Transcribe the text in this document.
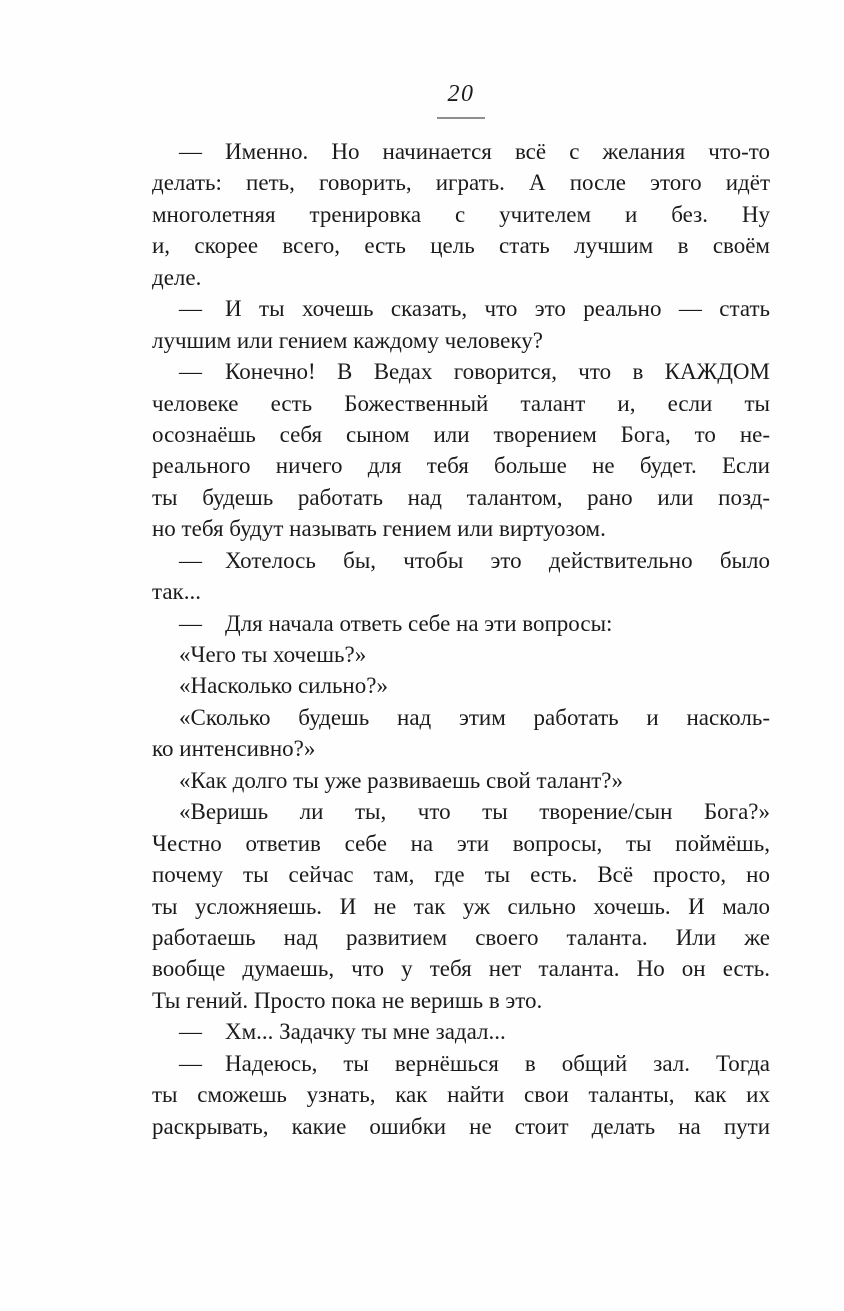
20
— Именно. Но начинается всё с желания что-то
делать: петь, говорить, играть. А после этого идёт
многолетняя тренировка с учителем и без. Ну
и, скорее всего, есть цель стать лучшим в своём
деле.
— И ты хочешь сказать, что это реально — стать
лучшим или гением каждому человеку?
— Конечно! В Ведах говорится, что в КАЖДОМ
человеке есть Божественный талант и, если ты
осознаёшь себя сыном или творением Бога, то не-
реального ничего для тебя больше не будет. Если
ты будешь работать над талантом, рано или позд-
но тебя будут называть гением или виртуозом.
— Хотелось бы, чтобы это действительно было
так...
— Для начала ответь себе на эти вопросы:
«Чего ты хочешь?»
«Насколько сильно?»
«Сколько будешь над этим работать и насколь-
ко интенсивно?»
«Как долго ты уже развиваешь свой талант?»
«Веришь ли ты, что ты творение/сын Бога?»
Честно ответив себе на эти вопросы, ты поймёшь,
почему ты сейчас там, где ты есть. Всё просто, но
ты усложняешь. И не так уж сильно хочешь. И мало
работаешь над развитием своего таланта. Или же
вообще думаешь, что у тебя нет таланта. Но он есть.
Ты гений. Просто пока не веришь в это.
— Хм... Задачку ты мне задал...
— Надеюсь, ты вернёшься в общий зал. Тогда
ты сможешь узнать, как найти свои таланты, как их
раскрывать, какие ошибки не стоит делать на пути
